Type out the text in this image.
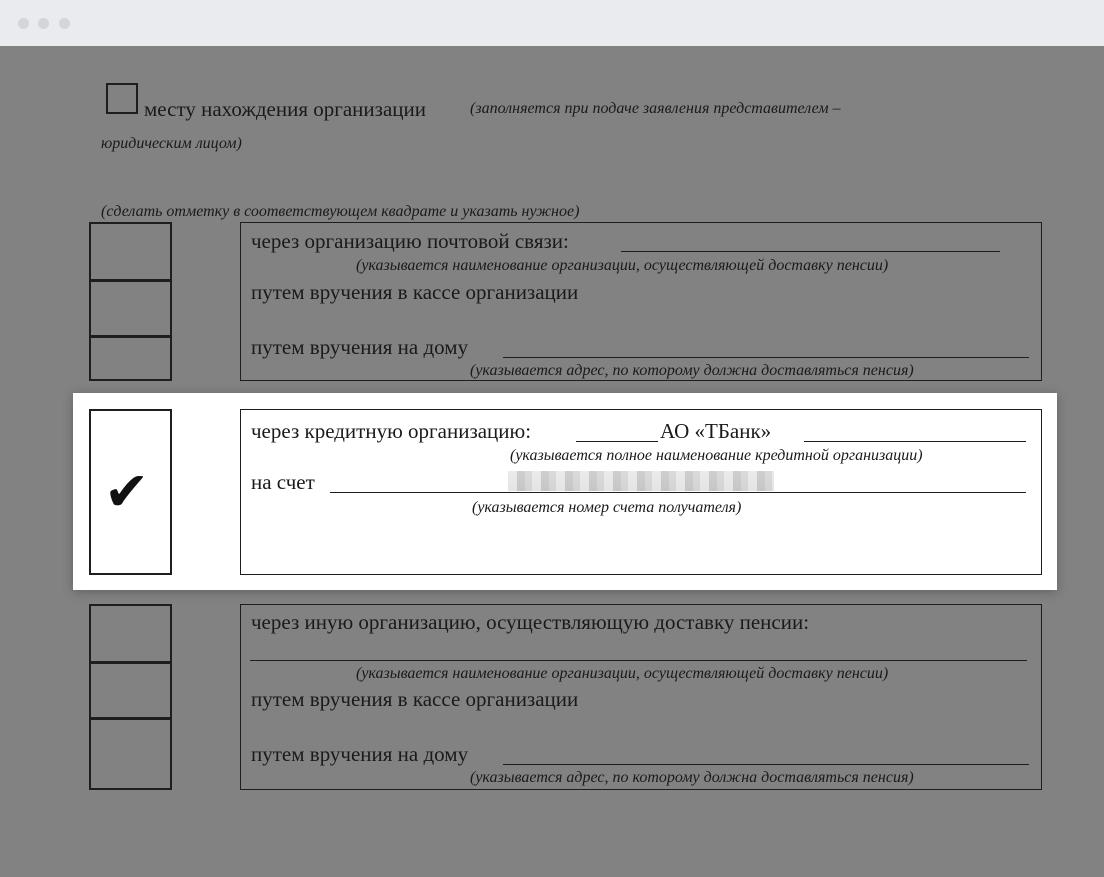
месту нахождения организации	(заполняется при подаче заявления представителем –
юридическим лицом)
(сделать отметку в соответствующем квадрате и указать нужное)
через организацию почтовой связи:
(указывается наименование организации, осуществляющей доставку пенсии)
путем вручения в кассе организации
путем вручения на дому
(указывается адрес, по которому должна доставляться пенсия)
✔
через кредитную организацию:	АО «ТБанк»
(указывается полное наименование кредитной организации)
на счет
(указывается номер счета получателя)
через иную организацию, осуществляющую доставку пенсии:
(указывается наименование организации, осуществляющей доставку пенсии)
путем вручения в кассе организации
путем вручения на дому
(указывается адрес, по которому должна доставляться пенсия)
